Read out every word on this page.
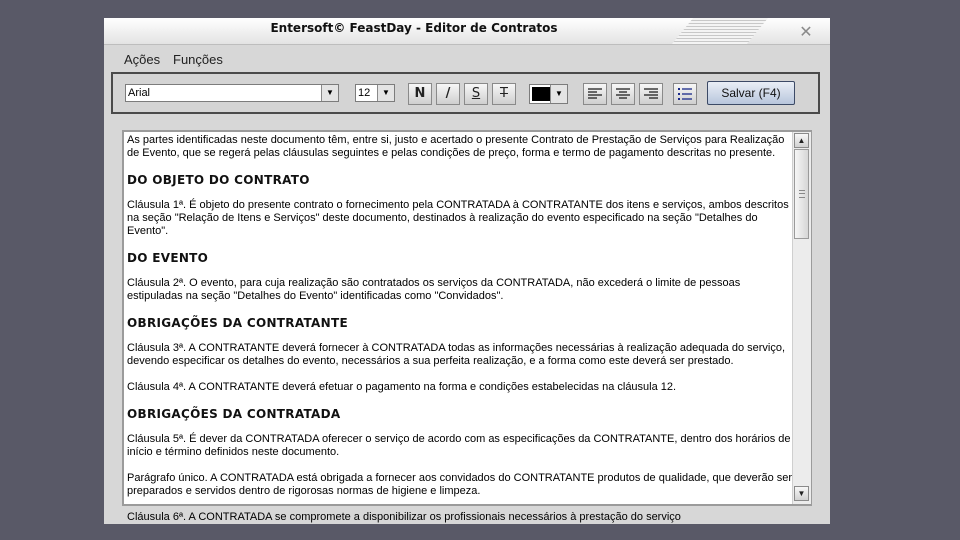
Entersoft© FeastDay - Editor de Contratos	✕
Ações Funções
Arial	▼	12	▼	N	/	S	T	▼	Salvar (F4)

As partes identificadas neste documento têm, entre si, justo e acertado o presente Contrato de Prestação de Serviços para Realização de Evento, que se regerá pelas cláusulas seguintes e pelas condições de preço, forma e termo de pagamento descritas no presente.

DO OBJETO DO CONTRATO

Cláusula 1ª. É objeto do presente contrato o fornecimento pela CONTRATADA à CONTRATANTE dos itens e serviços, ambos descritos na seção "Relação de Itens e Serviços" deste documento, destinados à realização do evento especificado na seção "Detalhes do Evento".

DO EVENTO

Cláusula 2ª. O evento, para cuja realização são contratados os serviços da CONTRATADA, não excederá o limite de pessoas estipuladas na seção "Detalhes do Evento" identificadas como "Convidados".

OBRIGAÇÕES DA CONTRATANTE

Cláusula 3ª. A CONTRATANTE deverá fornecer à CONTRATADA todas as informações necessárias à realização adequada do serviço, devendo especificar os detalhes do evento, necessários a sua perfeita realização, e a forma como este deverá ser prestado.

Cláusula 4ª. A CONTRATANTE deverá efetuar o pagamento na forma e condições estabelecidas na cláusula 12.

OBRIGAÇÕES DA CONTRATADA

Cláusula 5ª. É dever da CONTRATADA oferecer o serviço de acordo com as especificações da CONTRATANTE, dentro dos horários de início e término definidos neste documento.

Parágrafo único. A CONTRATADA está obrigada a fornecer aos convidados do CONTRATANTE produtos de qualidade, que deverão ser preparados e servidos dentro de rigorosas normas de higiene e limpeza.

Cláusula 6ª. A CONTRATADA se compromete a disponibilizar os profissionais necessários à prestação do serviço

▲
▼
